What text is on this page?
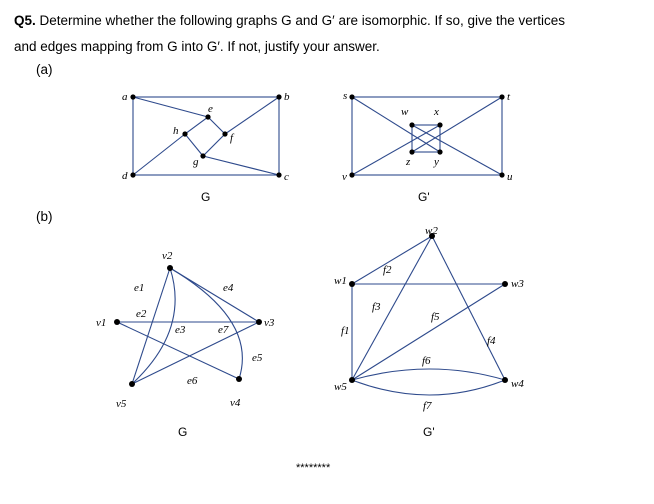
Q5. Determine whether the following graphs G and G′ are isomorphic. If so, give the vertices
and edges mapping from G into G′. If not, justify your answer.
(a)
(b)
a	b
c
d
e
f
g
h
G
s	t
u
v
w x
y
z
G'
v1
v2
v3
v4
v5
e1
e2
e3
e4
e5
e6
e7
G
w1
w2
w3
w4
w5
f1
f2
f3
f4
f5
f6
f7
G'
********
